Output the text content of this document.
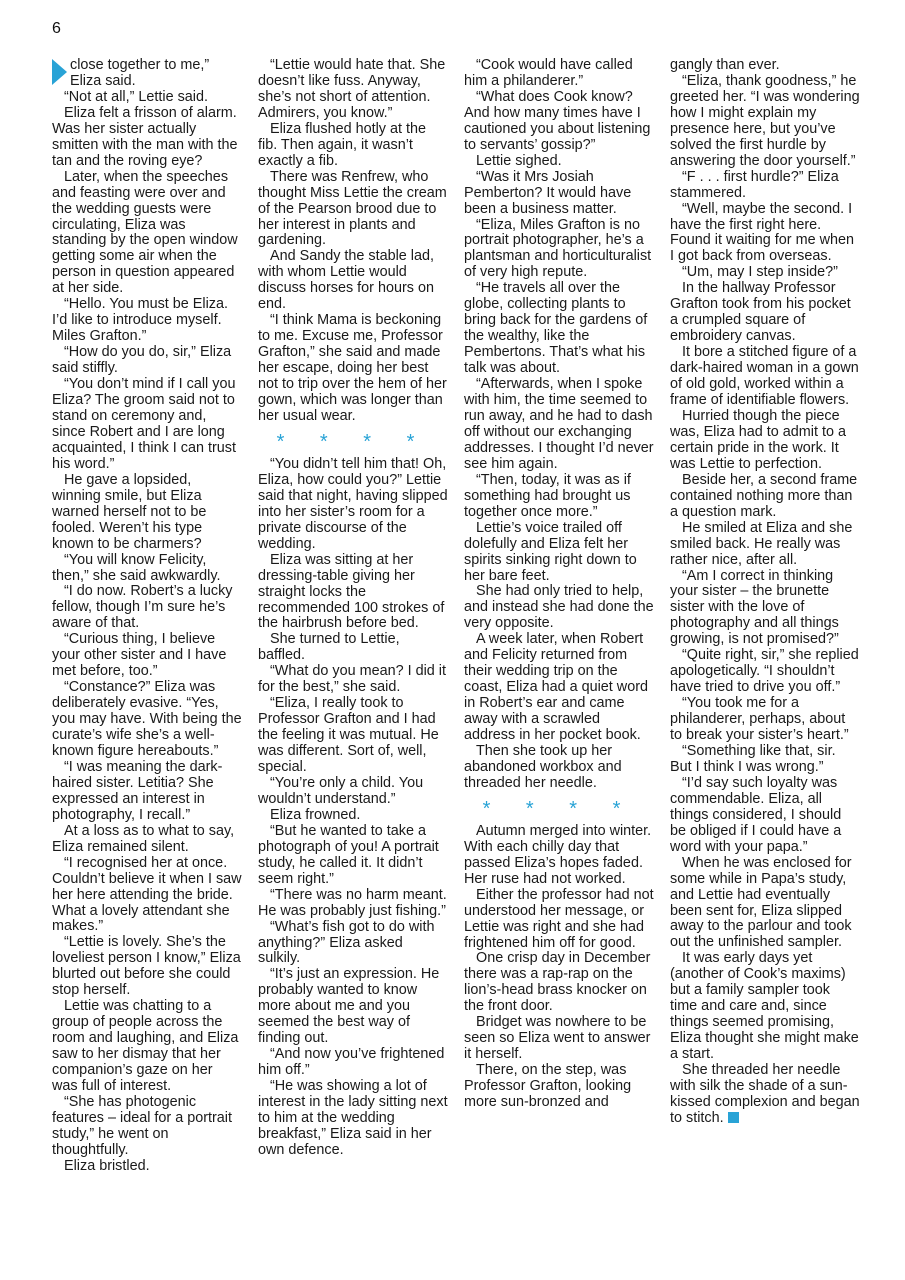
6

close together to me,” Eliza said.

“Not at all,” Lettie said.

Eliza felt a frisson of alarm. Was her sister actually smitten with the man with the tan and the roving eye?

Later, when the speeches and feasting were over and the wedding guests were circulating, Eliza was standing by the open window getting some air when the person in question appeared at her side.

“Hello. You must be Eliza. I’d like to introduce myself. Miles Grafton.”

“How do you do, sir,” Eliza said stiffly.

“You don’t mind if I call you Eliza? The groom said not to stand on ceremony and, since Robert and I are long acquainted, I think I can trust his word.”

He gave a lopsided, winning smile, but Eliza warned herself not to be fooled. Weren’t his type known to be charmers?

“You will know Felicity, then,” she said awkwardly.

“I do now. Robert’s a lucky fellow, though I’m sure he’s aware of that.

“Curious thing, I believe your other sister and I have met before, too.”

“Constance?” Eliza was deliberately evasive. “Yes, you may have. With being the curate’s wife she’s a well-known figure hereabouts.”

“I was meaning the dark-haired sister. Letitia? She expressed an interest in photography, I recall.”

At a loss as to what to say, Eliza remained silent.

“I recognised her at once. Couldn’t believe it when I saw her here attending the bride. What a lovely attendant she makes.”

“Lettie is lovely. She’s the loveliest person I know,” Eliza blurted out before she could stop herself.

Lettie was chatting to a group of people across the room and laughing, and Eliza saw to her dismay that her companion’s gaze on her was full of interest.

“She has photogenic features – ideal for a portrait study,” he went on thoughtfully.

Eliza bristled.

“Lettie would hate that. She doesn’t like fuss. Anyway, she’s not short of attention. Admirers, you know.”

Eliza flushed hotly at the fib. Then again, it wasn’t exactly a fib.

There was Renfrew, who thought Miss Lettie the cream of the Pearson brood due to her interest in plants and gardening.

And Sandy the stable lad, with whom Lettie would discuss horses for hours on end.

“I think Mama is beckoning to me. Excuse me, Professor Grafton,” she said and made her escape, doing her best not to trip over the hem of her gown, which was longer than her usual wear.

* * * *

“You didn’t tell him that! Oh, Eliza, how could you?” Lettie said that night, having slipped into her sister’s room for a private discourse of the wedding.

Eliza was sitting at her dressing-table giving her straight locks the recommended 100 strokes of the hairbrush before bed.

She turned to Lettie, baffled.

“What do you mean? I did it for the best,” she said.

“Eliza, I really took to Professor Grafton and I had the feeling it was mutual. He was different. Sort of, well, special.

“You’re only a child. You wouldn’t understand.”

Eliza frowned.

“But he wanted to take a photograph of you! A portrait study, he called it. It didn’t seem right.”

“There was no harm meant. He was probably just fishing.”

“What’s fish got to do with anything?” Eliza asked sulkily.

“It’s just an expression. He probably wanted to know more about me and you seemed the best way of finding out.

“And now you’ve frightened him off.”

“He was showing a lot of interest in the lady sitting next to him at the wedding breakfast,” Eliza said in her own defence.

“Cook would have called him a philanderer.”

“What does Cook know? And how many times have I cautioned you about listening to servants’ gossip?”

Lettie sighed.

“Was it Mrs Josiah Pemberton? It would have been a business matter.

“Eliza, Miles Grafton is no portrait photographer, he’s a plantsman and horticulturalist of very high repute.

“He travels all over the globe, collecting plants to bring back for the gardens of the wealthy, like the Pembertons. That’s what his talk was about.

“Afterwards, when I spoke with him, the time seemed to run away, and he had to dash off without our exchanging addresses. I thought I’d never see him again.

“Then, today, it was as if something had brought us together once more.”

Lettie’s voice trailed off dolefully and Eliza felt her spirits sinking right down to her bare feet.

She had only tried to help, and instead she had done the very opposite.

A week later, when Robert and Felicity returned from their wedding trip on the coast, Eliza had a quiet word in Robert’s ear and came away with a scrawled address in her pocket book.

Then she took up her abandoned workbox and threaded her needle.

* * * *

Autumn merged into winter. With each chilly day that passed Eliza’s hopes faded. Her ruse had not worked.

Either the professor had not understood her message, or Lettie was right and she had frightened him off for good.

One crisp day in December there was a rap-rap on the lion’s-head brass knocker on the front door.

Bridget was nowhere to be seen so Eliza went to answer it herself.

There, on the step, was Professor Grafton, looking more sun-bronzed and

gangly than ever.

“Eliza, thank goodness,” he greeted her. “I was wondering how I might explain my presence here, but you’ve solved the first hurdle by answering the door yourself.”

“F . . . first hurdle?” Eliza stammered.

“Well, maybe the second. I have the first right here. Found it waiting for me when I got back from overseas.

“Um, may I step inside?”

In the hallway Professor Grafton took from his pocket a crumpled square of embroidery canvas.

It bore a stitched figure of a dark-haired woman in a gown of old gold, worked within a frame of identifiable flowers.

Hurried though the piece was, Eliza had to admit to a certain pride in the work. It was Lettie to perfection.

Beside her, a second frame contained nothing more than a question mark.

He smiled at Eliza and she smiled back. He really was rather nice, after all.

“Am I correct in thinking your sister – the brunette sister with the love of photography and all things growing, is not promised?”

“Quite right, sir,” she replied apologetically. “I shouldn’t have tried to drive you off.”

“You took me for a philanderer, perhaps, about to break your sister’s heart.”

“Something like that, sir. But I think I was wrong.”

“I’d say such loyalty was commendable. Eliza, all things considered, I should be obliged if I could have a word with your papa.”

When he was enclosed for some while in Papa’s study, and Lettie had eventually been sent for, Eliza slipped away to the parlour and took out the unfinished sampler.

It was early days yet (another of Cook’s maxims) but a family sampler took time and care and, since things seemed promising, Eliza thought she might make a start.

She threaded her needle with silk the shade of a sun-kissed complexion and began to stitch.
